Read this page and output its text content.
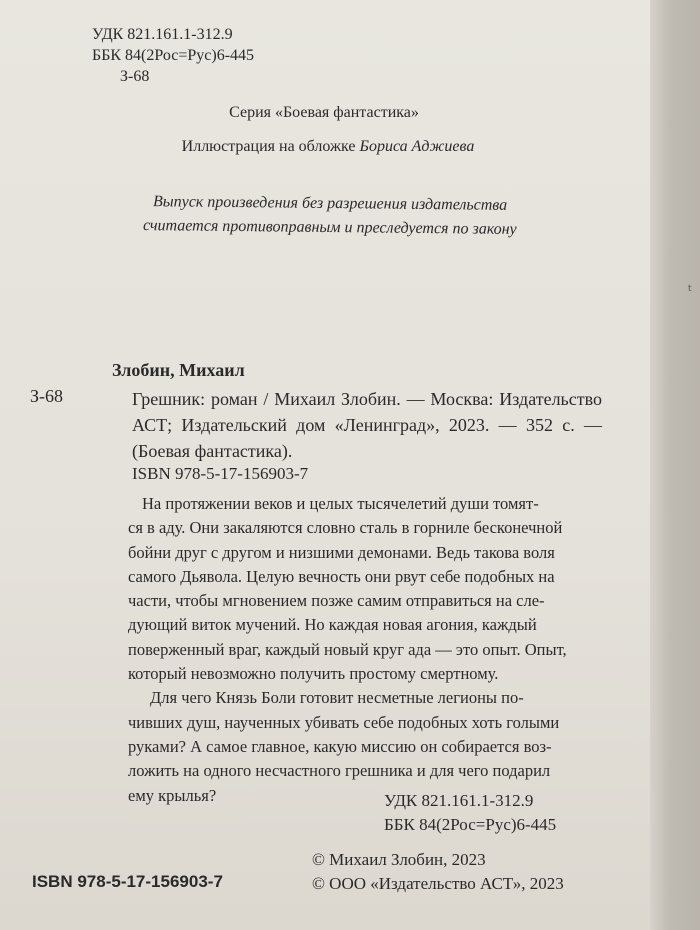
УДК 821.161.1-312.9
ББК 84(2Рос=Рус)6-445
З-68
Серия «Боевая фантастика»
Иллюстрация на обложке Бориса Аджиева
Выпуск произведения без разрешения издательства
считается противоправным и преследуется по закону
Злобин, Михаил
З-68	Грешник: роман / Михаил Злобин. — Москва: Издательство АСТ; Издательский дом «Ленинград», 2023. — 352 с. — (Боевая фантастика).
ISBN 978-5-17-156903-7
На протяжении веков и целых тысячелетий души томят-
ся в аду. Они закаляются словно сталь в горниле бесконечной
бойни друг с другом и низшими демонами. Ведь такова воля
самого Дьявола. Целую вечность они рвут себе подобных на
части, чтобы мгновением позже самим отправиться на сле-
дующий виток мучений. Но каждая новая агония, каждый
поверженный враг, каждый новый круг ада — это опыт. Опыт,
который невозможно получить простому смертному.
Для чего Князь Боли готовит несметные легионы по-
чивших душ, наученных убивать себе подобных хоть голыми
руками? А самое главное, какую миссию он собирается воз-
ложить на одного несчастного грешника и для чего подарил
ему крылья?	УДК 821.161.1-312.9
ББК 84(2Рос=Рус)6-445
© Михаил Злобин, 2023
© ООО «Издательство АСТ», 2023
ISBN 978-5-17-156903-7
t
